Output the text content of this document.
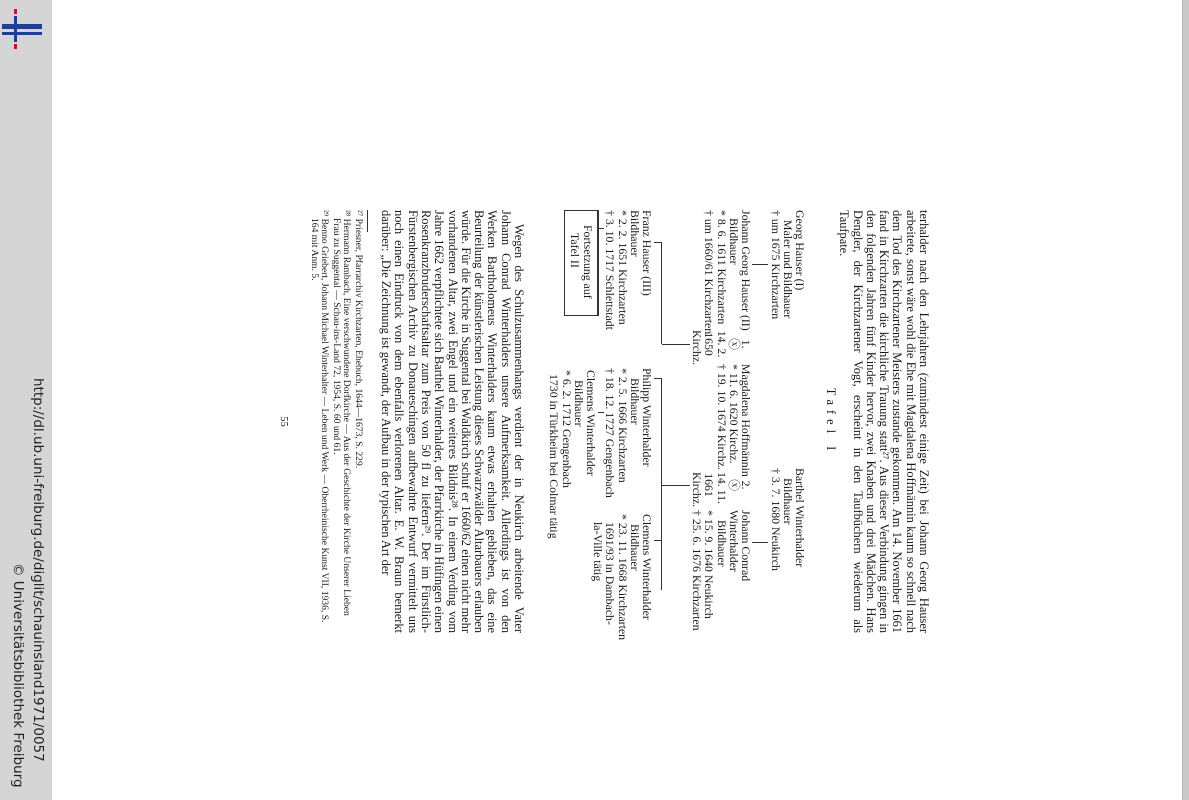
http://dl.ub.uni-freiburg.de/diglit/schauinsland1971/0057
© Universitätsbibliothek Freiburg

terhalder nach den Lehrjahren (zumindest einige Zeit) bei Johann Georg Hauser arbeitete, sonst wäre wohl die Ehe mit Magdalena Hoffmännin kaum so schnell nach dem Tod des Kirchzartener Meisters zustande gekommen. Am 14. November 1661 fand in Kirchzarten die kirchliche Trauung statt²⁷. Aus dieser Verbindung gingen in den folgenden Jahren fünf Kinder hervor, zwei Knaben und drei Mädchen. Hans Dengler, der Kirchzartener Vogt, erscheint in den Taufbüchern wiederum als Taufpate.

Tafel I
Georg Hauser (I)
Maler und Bildhauer
† um 1675 Kirchzarten
Barthel Winterhalder
Bildhauer
† 3. 7. 1680 Neukirch
Johann Georg Hauser (II)
Bildhauer
* 8. 6. 1611 Kirchzarten
† um 1660/61 Kirchzarten
1.
ⓧ
14. 2.
1650
Kirchz.
Magdalena Hoffmännin
* 11. 6. 1620 Kirchz.
† 19. 10. 1674 Kirchz.
2.
ⓧ
14. 11.
1661
Kirchz.
Johann Conrad
Winterhalder
Bildhauer
* 15. 9. 1640 Neukirch
† 25. 6. 1676 Kirchzarten
Franz Hauser (III)
Bildhauer
* 2. 2. 1651 Kirchzarten
† 3. 10. 1717 Schlettstadt
Philipp Winterhalder
Bildhauer
* 2. 5. 1666 Kirchzarten
† 18. 12. 1727 Gengenbach
Clemens Winterhalder
Bildhauer
* 23. 11. 1668 Kirchzarten
1691/93 in Dambach-
la-Ville tätig
Fortsetzung auf
Tafel II
Clemens Winterhalder
Bildhauer
* 6. 2. 1712 Gengenbach
1730 in Türkheim bei Colmar tätig

Wegen des Schulzusammenhangs verdient der in Neukirch arbeitende Vater Johann Conrad Winterhalders unsere Aufmerksamkeit. Allerdings ist von den Werken Bartholomeus Winterhalders kaum etwas erhalten geblieben, das eine Beurteilung der künstlerischen Leistung dieses Schwarzwälder Altarbauers erlauben würde. Für die Kirche in Suggental bei Waldkirch schuf er 1660/62 einen nicht mehr vorhandenen Altar, zwei Engel und ein weiteres Bildnis²⁸. In einem Verding vom Jahre 1662 verpflichtete sich Barthel Winterhalder, der Pfarrkirche in Hüfingen einen Rosenkranzbruderschaftsaltar zum Preis von 50 fl zu liefern²⁹. Der im Fürstlich-Fürstenbergischen Archiv zu Donaueschingen aufbewahrte Entwurf vermittelt uns noch einen Eindruck von dem ebenfalls verlorenen Altar. E. W. Braun bemerkt darüber: „Die Zeichnung ist gewandt, der Aufbau in der typischen Art der

²⁷ Priesner, Pfarrarchiv Kirchzarten, Ehebuch, 1644—1673, S. 229.

²⁸ Hermann Rambach, Eine verschwundene Dorfkirche — Aus der Geschichte der Kirche Unserer Lieben Frau zu Suggental — Schau-ins-Land 72, 1954, S. 60 und 61.

²⁹ Benno Griebert, Johann Michael Winterhalter — Leben und Werk — Oberrheinische Kunst VII, 1936, S. 164 mit Anm. 5.

55
